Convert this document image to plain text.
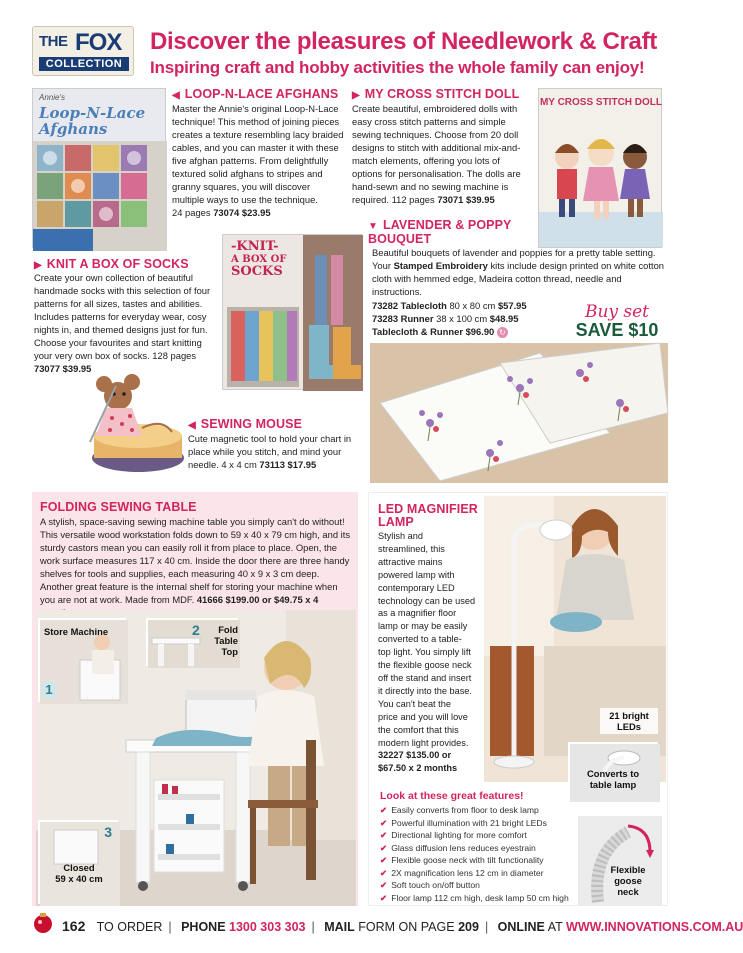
THE FOX
COLLECTION
Discover the pleasures of Needlework & Craft
Inspiring craft and hobby activities the whole family can enjoy!
Annie's
Loop-N-Lace Afghans
◀ LOOP-N-LACE AFGHANS
Master the Annie's original Loop-N-Lace technique! This method of joining pieces creates a texture resembling lacy braided cables, and you can master it with these five afghan patterns. From delightfully textured solid afghans to stripes and granny squares, you will discover multiple ways to use the technique.
24 pages 73074 $23.95
▶ MY CROSS STITCH DOLL
Create beautiful, embroidered dolls with easy cross stitch patterns and simple sewing techniques. Choose from 20 doll designs to stitch with additional mix-and-match elements, offering you lots of options for personalisation. The dolls are hand-sewn and no sewing machine is required. 112 pages 73071 $39.95
MY CROSS STITCH DOLL
▼ LAVENDER & POPPY
BOUQUET
Beautiful bouquets of lavender and poppies for a pretty table setting. Your Stamped Embroidery kits include design printed on white cotton cloth with hemmed edge, Madeira cotton thread, needle and instructions.
73282 Tablecloth 80 x 80 cm $57.95
73283 Runner 38 x 100 cm $48.95
Tablecloth & Runner $96.90 ↻
Buy set
SAVE $10
-KNIT-
A BOX OF
SOCKS
▶ KNIT A BOX OF SOCKS
Create your own collection of beautiful handmade socks with this selection of four patterns for all sizes, tastes and abilities. Includes patterns for everyday wear, cosy nights in, and themed designs just for fun. Choose your favourites and start knitting your very own box of socks. 128 pages
73077 $39.95
◀ SEWING MOUSE
Cute magnetic tool to hold your chart in place while you stitch, and mind your needle. 4 x 4 cm 73113 $17.95
FOLDING SEWING TABLE
A stylish, space-saving sewing machine table you simply can't do without! This versatile wood workstation folds down to 59 x 40 x 79 cm high, and its sturdy castors mean you can easily roll it from place to place. Open, the work surface measures 117 x 40 cm. Inside the door there are three handy shelves for tools and supplies, each measuring 40 x 9 x 3 cm deep. Another great feature is the internal shelf for storing your machine when you are not at work. Made from MDF. 41666 $199.00 or $49.75 x 4
Store Machine
1
2	Fold
Table
Top
3
Closed
59 x 40 cm
LED MAGNIFIER
LAMP
Stylish and
streamlined, this
attractive mains
powered lamp with
contemporary LED
technology can be used
as a magnifier floor
lamp or may be easily
converted to a table-
top light. You simply lift
the flexible goose neck
off the stand and insert
it directly into the base.
You can't beat the
price and you will love
the comfort that this
modern light provides.
32227 $135.00 or
$67.50 x 2 months
21 bright
LEDs
Converts to
table lamp
Look at these great features!
✔ Easily converts from floor to desk lamp
✔ Powerful illumination with 21 bright LEDs
✔ Directional lighting for more comfort
✔ Glass diffusion lens reduces eyestrain
✔ Flexible goose neck with tilt functionality
✔ 2X magnification lens 12 cm in diameter
✔ Soft touch on/off button
✔ Floor lamp 112 cm high, desk lamp 50 cm high
Flexible
goose
neck
162 TO ORDER | PHONE 1300 303 303 | MAIL FORM ON PAGE 209 | ONLINE AT WWW.INNOVATIONS.COM.AU
